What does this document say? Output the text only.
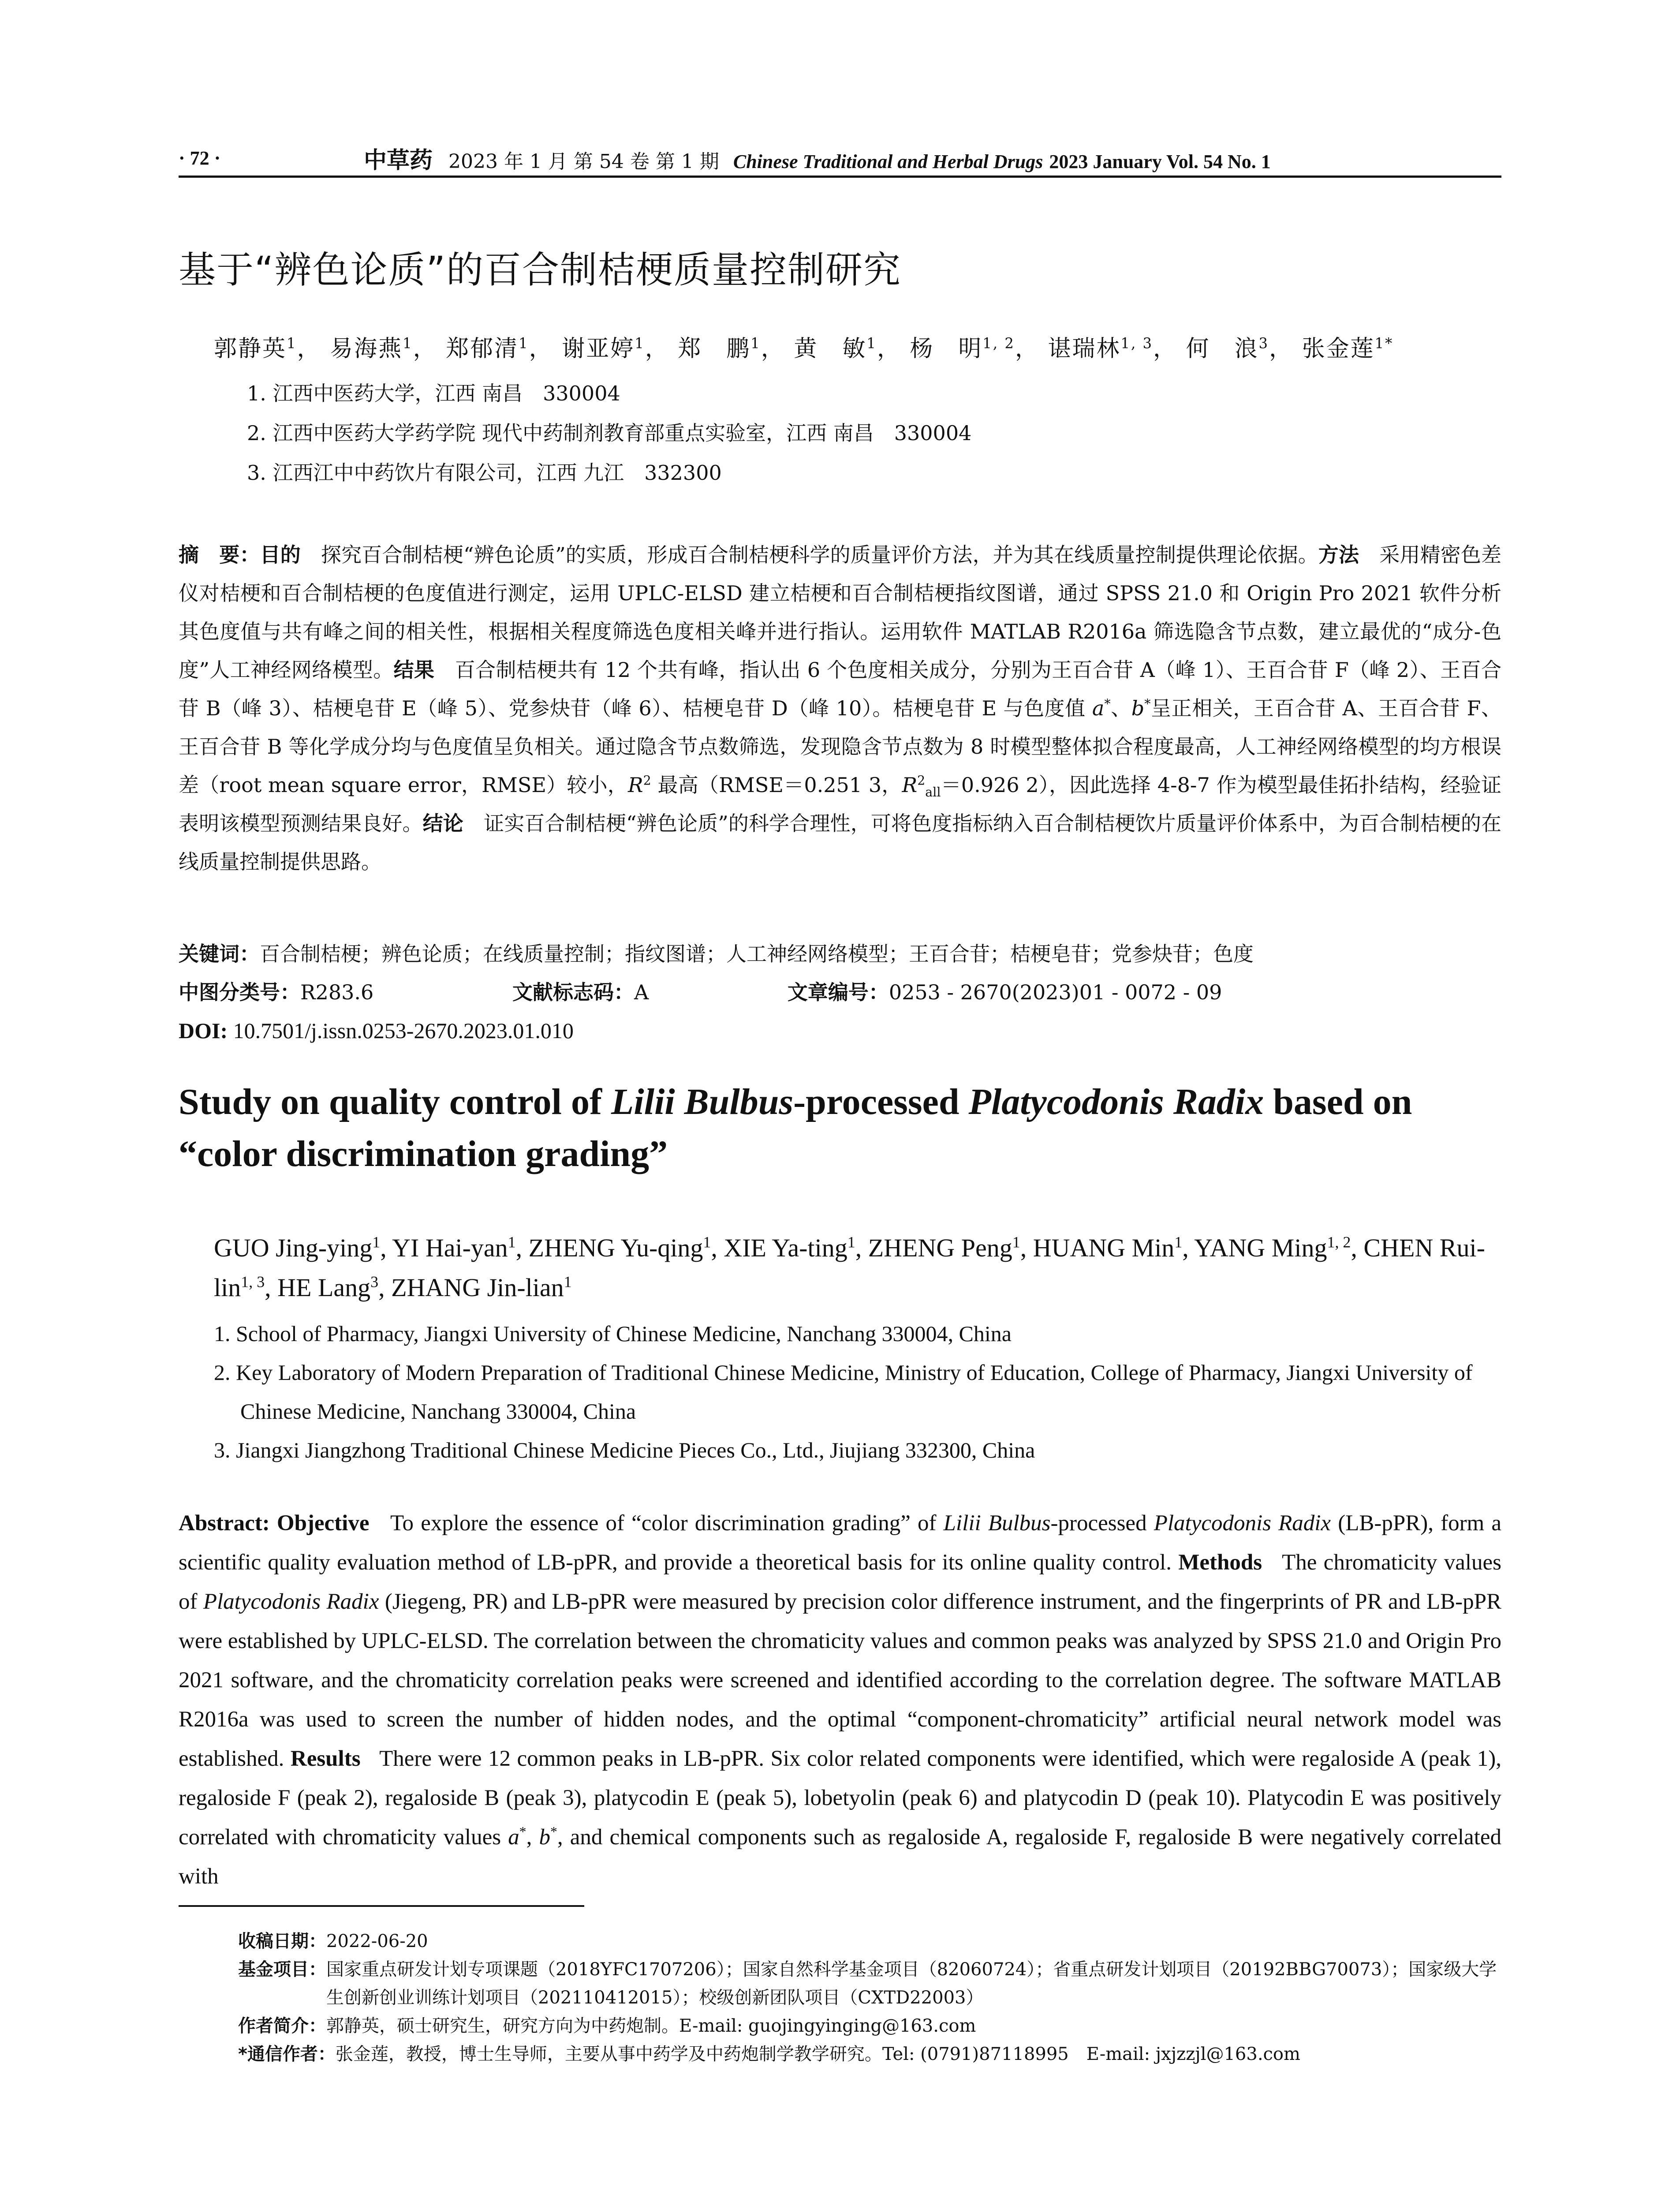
· 72 ·	中草药 2023 年 1 月 第 54 卷 第 1 期 Chinese Traditional and Herbal Drugs 2023 January Vol. 54 No. 1
基于“辨色论质”的百合制桔梗质量控制研究
郭静英$^1$， 易海燕$^1$， 郑郁清$^1$， 谢亚婷$^1$， 郑　鹏$^1$， 黄　敏$^1$， 杨　明$^{1, 2}$， 谌瑞林$^{1, 3}$， 何　浪$^3$， 张金莲$^{1*}$
1. 江西中医药大学，江西 南昌　330004
2. 江西中医药大学药学院 现代中药制剂教育部重点实验室，江西 南昌　330004
3. 江西江中中药饮片有限公司，江西 九江　332300
摘　要：目的　 探究百合制桔梗“辨色论质”的实质，形成百合制桔梗科学的质量评价方法，并为其在线质量控制提供理论依据。方法　 采用精密色差仪对桔梗和百合制桔梗的色度值进行测定，运用 UPLC-ELSD 建立桔梗和百合制桔梗指纹图谱，通过 SPSS 21.0 和 Origin Pro 2021 软件分析其色度值与共有峰之间的相关性，根据相关程度筛选色度相关峰并进行指认。运用软件 MATLAB R2016a 筛选隐含节点数，建立最优的“成分-色度”人工神经网络模型。结果　 百合制桔梗共有 12 个共有峰，指认出 6 个色度相关成分，分别为王百合苷 A（峰 1）、王百合苷 F（峰 2）、王百合苷 B（峰 3）、桔梗皂苷 E（峰 5）、党参炔苷（峰 6）、桔梗皂苷 D（峰 10）。桔梗皂苷 E 与色度值 a*、b*呈正相关，王百合苷 A、王百合苷 F、王百合苷 B 等化学成分均与色度值呈负相关。通过隐含节点数筛选，发现隐含节点数为 8 时模型整体拟合程度最高，人工神经网络模型的均方根误差（root mean square error，RMSE）较小，$R^2$ 最高（RMSE＝0.251 3，$R^2_{all}=0.926$ 2），因此选择 4-8-7 作为模型最佳拓扑结构，经验证表明该模型预测结果良好。结论　 证实百合制桔梗“辨色论质”的科学合理性，可将色度指标纳入百合制桔梗饮片质量评价体系中，为百合制桔梗的在线质量控制提供思路。
关键词：百合制桔梗；辨色论质；在线质量控制；指纹图谱；人工神经网络模型；王百合苷；桔梗皂苷；党参炔苷；色度
中图分类号：R283.6	文献标志码：A	文章编号：0253 - 2670(2023)01 - 0072 - 09
DOI: 10.7501/j.issn.0253-2670.2023.01.010
Study on quality control of Lilii Bulbus-processed Platycodonis Radix based on “color discrimination grading”
GUO Jing-ying$^1$, YI Hai-yan$^1$, ZHENG Yu-qing$^1$, XIE Ya-ting$^1$, ZHENG Peng$^1$, HUANG Min$^1$, YANG Ming$^{1, 2}$, CHEN Rui-lin$^{1, 3}$, HE Lang$^3$, ZHANG Jin-lian$^1$
1. School of Pharmacy, Jiangxi University of Chinese Medicine, Nanchang 330004, China
2. Key Laboratory of Modern Preparation of Traditional Chinese Medicine, Ministry of Education, College of Pharmacy, Jiangxi University of Chinese Medicine, Nanchang 330004, China
3. Jiangxi Jiangzhong Traditional Chinese Medicine Pieces Co., Ltd., Jiujiang 332300, China
Abstract: Objective To explore the essence of “color discrimination grading” of Lilii Bulbus-processed Platycodonis Radix (LB-pPR), form a scientific quality evaluation method of LB-pPR, and provide a theoretical basis for its online quality control. Methods The chromaticity values of Platycodonis Radix (Jiegeng, PR) and LB-pPR were measured by precision color difference instrument, and the fingerprints of PR and LB-pPR were established by UPLC-ELSD. The correlation between the chromaticity values and common peaks was analyzed by SPSS 21.0 and Origin Pro 2021 software, and the chromaticity correlation peaks were screened and identified according to the correlation degree. The software MATLAB R2016a was used to screen the number of hidden nodes, and the optimal “component-chromaticity” artificial neural network model was established. Results There were 12 common peaks in LB-pPR. Six color related components were identified, which were regaloside A (peak 1), regaloside F (peak 2), regaloside B (peak 3), platycodin E (peak 5), lobetyolin (peak 6) and platycodin D (peak 10). Platycodin E was positively correlated with chromaticity values a*, b*, and chemical components such as regaloside A, regaloside F, regaloside B were negatively correlated with
收稿日期： 2022-06-20
基金项目： 国家重点研发计划专项课题（2018YFC1707206）；国家自然科学基金项目（82060724）；省重点研发计划项目（20192BBG70073）；国家级大学生创新创业训练计划项目（202110412015）；校级创新团队项目（CXTD22003）
作者简介： 郭静英，硕士研究生，研究方向为中药炮制。E-mail: guojingyinging@163.com
*通信作者： 张金莲，教授，博士生导师，主要从事中药学及中药炮制学教学研究。Tel: (0791)87118995　E-mail: jxjzzjl@163.com
